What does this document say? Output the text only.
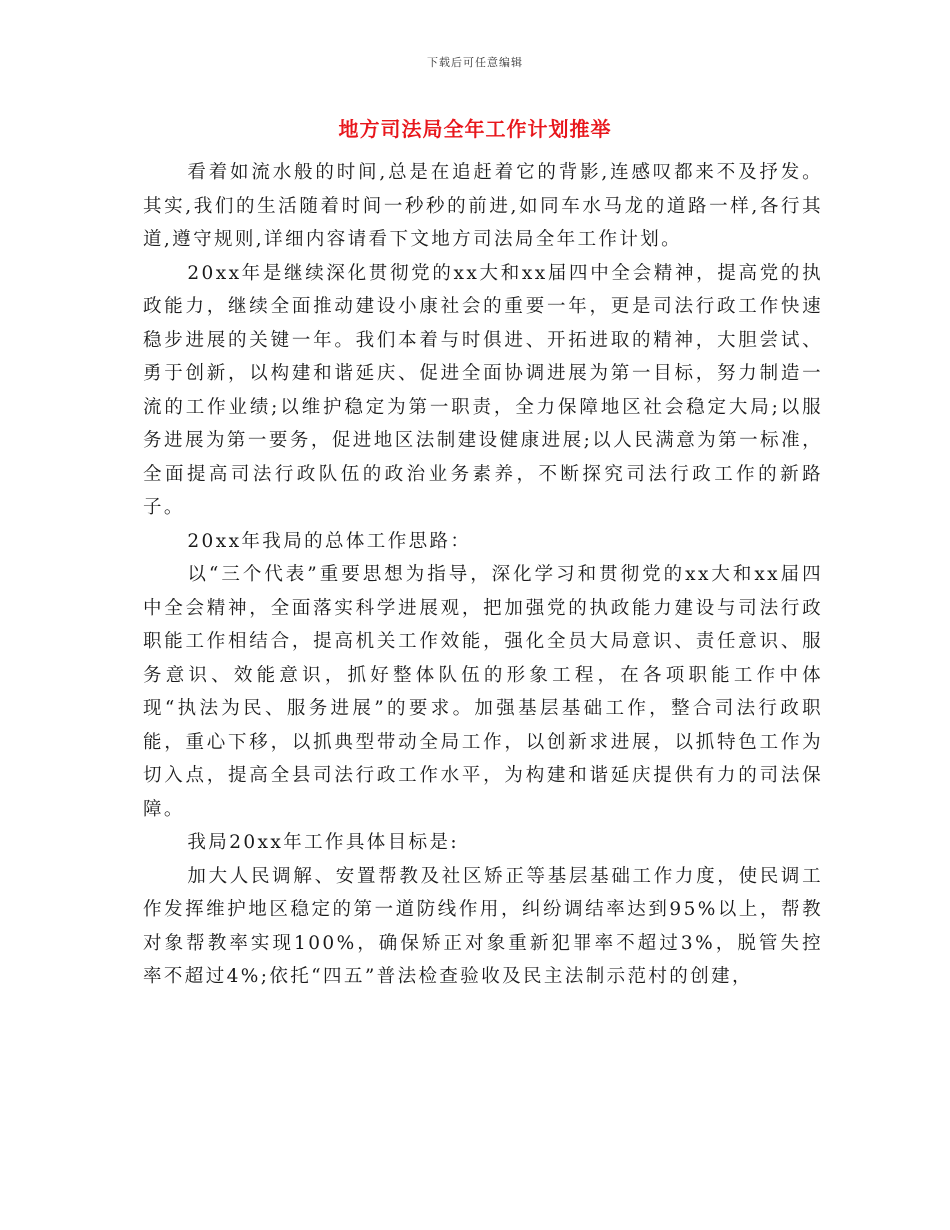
下载后可任意编辑
地方司法局全年工作计划推举

看着如流水般的时间,总是在追赶着它的背影,连感叹都来不及抒发。其实,我们的生活随着时间一秒秒的前进,如同车水马龙的道路一样,各行其道,遵守规则,详细内容请看下文地方司法局全年工作计划。

20xx年是继续深化贯彻党的xx大和xx届四中全会精神，提高党的执政能力，继续全面推动建设小康社会的重要一年，更是司法行政工作快速稳步进展的关键一年。我们本着与时俱进、开拓进取的精神，大胆尝试、勇于创新，以构建和谐延庆、促进全面协调进展为第一目标，努力制造一流的工作业绩;以维护稳定为第一职责，全力保障地区社会稳定大局;以服务进展为第一要务，促进地区法制建设健康进展;以人民满意为第一标准，全面提高司法行政队伍的政治业务素养，不断探究司法行政工作的新路子。

20xx年我局的总体工作思路：

以“三个代表”重要思想为指导，深化学习和贯彻党的xx大和xx届四中全会精神，全面落实科学进展观，把加强党的执政能力建设与司法行政职能工作相结合，提高机关工作效能，强化全员大局意识、责任意识、服务意识、效能意识，抓好整体队伍的形象工程，在各项职能工作中体现“执法为民、服务进展”的要求。加强基层基础工作，整合司法行政职能，重心下移，以抓典型带动全局工作，以创新求进展，以抓特色工作为切入点，提高全县司法行政工作水平，为构建和谐延庆提供有力的司法保障。

我局20xx年工作具体目标是:

加大人民调解、安置帮教及社区矫正等基层基础工作力度，使民调工作发挥维护地区稳定的第一道防线作用，纠纷调结率达到95%以上，帮教对象帮教率实现100%，确保矫正对象重新犯罪率不超过3%，脱管失控率不超过4%;依托“四五”普法检查验收及民主法制示范村的创建，
